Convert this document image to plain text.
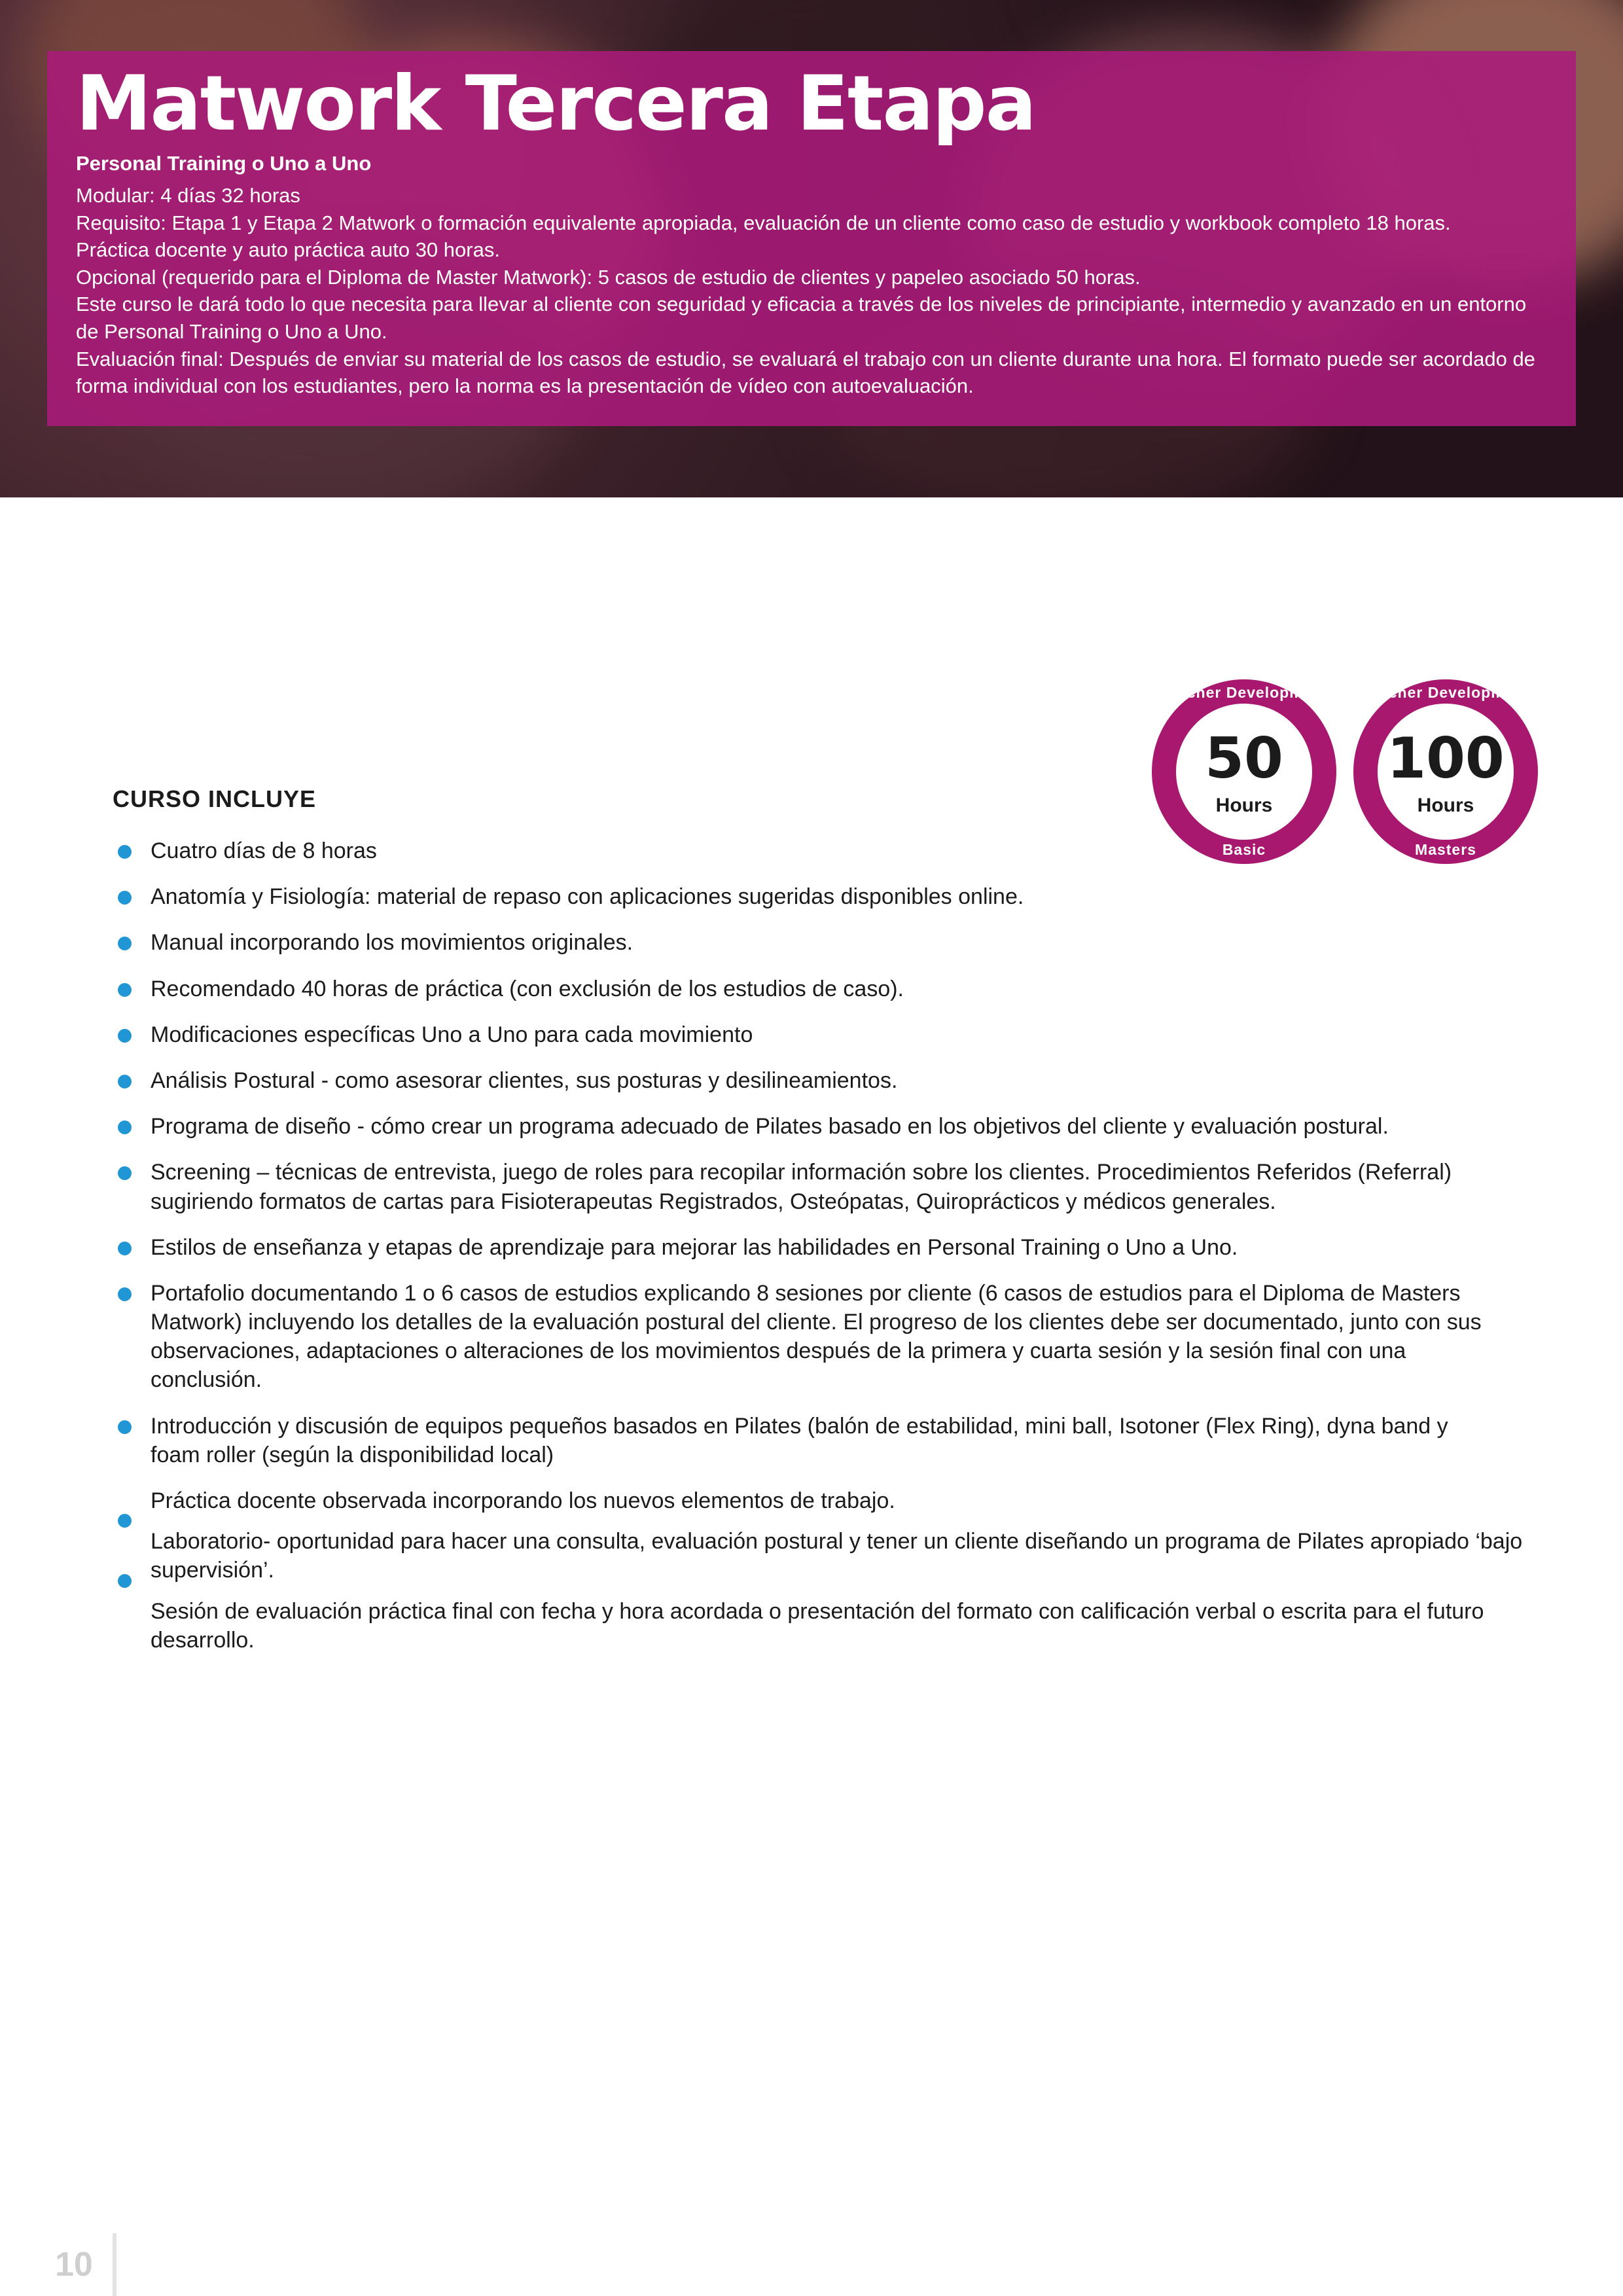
Matwork Tercera Etapa

Personal Training o Uno a Uno

Modular: 4 días 32 horas

Requisito: Etapa 1 y Etapa 2 Matwork o formación equivalente apropiada, evaluación de un cliente como caso de estudio y workbook completo 18 horas.

Práctica docente y auto práctica auto 30 horas.

Opcional (requerido para el Diploma de Master Matwork): 5 casos de estudio de clientes y papeleo asociado 50 horas.

Este curso le dará todo lo que necesita para llevar al cliente con seguridad y eficacia a través de los niveles de principiante, intermedio y avanzado en un entorno de Personal Training o Uno a Uno.

Evaluación final: Después de enviar su material de los casos de estudio, se evaluará el trabajo con un cliente durante una hora. El formato puede ser acordado de forma individual con los estudiantes, pero la norma es la presentación de vídeo con autoevaluación.

Teacher Development
50
Hours
Basic
Teacher Development
100
Hours
Masters
CURSO INCLUYE
Cuatro días de 8 horas
Anatomía y Fisiología: material de repaso con aplicaciones sugeridas disponibles online.
Manual incorporando los movimientos originales.
Recomendado 40 horas de práctica (con exclusión de los estudios de caso).
Modificaciones específicas Uno a Uno para cada movimiento
Análisis Postural - como asesorar clientes, sus posturas y desilineamientos.
Programa de diseño - cómo crear un programa adecuado de Pilates basado en los objetivos del cliente y evaluación postural.
Screening – técnicas de entrevista, juego de roles para recopilar información sobre los clientes. Procedimientos Referidos (Referral) sugiriendo formatos de cartas para Fisioterapeutas Registrados, Osteópatas, Quiroprácticos y médicos generales.
Estilos de enseñanza y etapas de aprendizaje para mejorar las habilidades en Personal Training o Uno a Uno.
Portafolio documentando 1 o 6 casos de estudios explicando 8 sesiones por cliente (6 casos de estudios para el Diploma de Masters Matwork) incluyendo los detalles de la evaluación postural del cliente. El progreso de los clientes debe ser documentado, junto con sus observaciones, adaptaciones o alteraciones de los movimientos después de la primera y cuarta sesión y la sesión final con una conclusión.
Introducción y discusión de equipos pequeños basados en Pilates (balón de estabilidad, mini ball, Isotoner (Flex Ring), dyna band y foam roller (según la disponibilidad local)
Práctica docente observada incorporando los nuevos elementos de trabajo.
Laboratorio- oportunidad para hacer una consulta, evaluación postural y tener un cliente diseñando un programa de Pilates apropiado ‘bajo supervisión’.
Sesión de evaluación práctica final con fecha y hora acordada o presentación del formato con calificación verbal o escrita para el futuro desarrollo.
10
